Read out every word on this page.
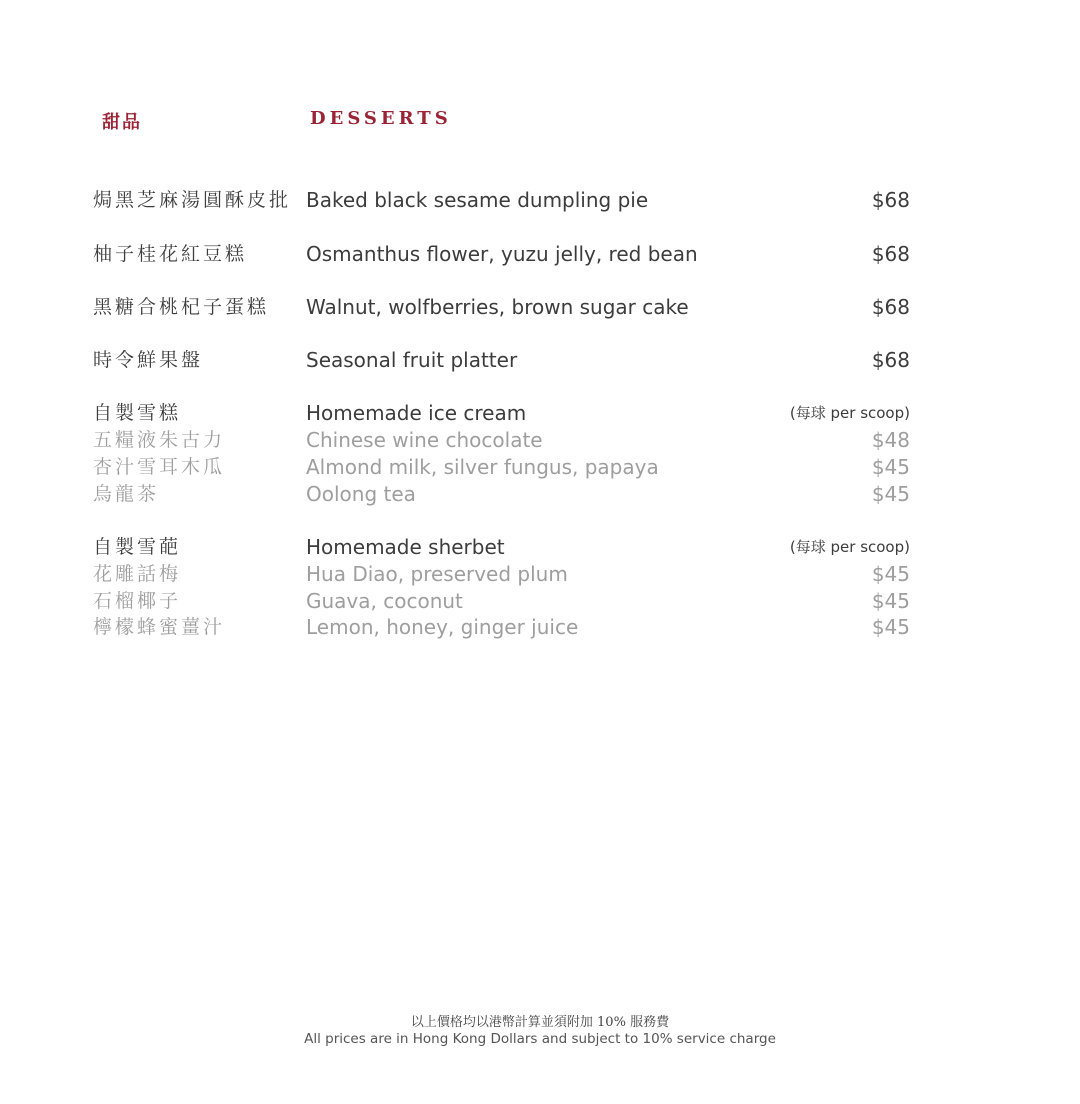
甜品	DESSERTS
焗黑芝麻湯圓酥皮批 Baked black sesame dumpling pie	$68
柚子桂花紅豆糕	Osmanthus flower, yuzu jelly, red bean	$68
黑糖合桃杞子蛋糕 Walnut, wolfberries, brown sugar cake	$68
時令鮮果盤	Seasonal fruit platter	$68
自製雪糕	Homemade ice cream	(每球 per scoop)
五糧液朱古力	Chinese wine chocolate	$48
杏汁雪耳木瓜	Almond milk, silver fungus, papaya	$45
烏龍茶	Oolong tea	$45
自製雪葩	Homemade sherbet	(每球 per scoop)
花雕話梅	Hua Diao, preserved plum	$45
石榴椰子	Guava, coconut	$45
檸檬蜂蜜薑汁	Lemon, honey, ginger juice	$45
以上價格均以港幣計算並須附加 10% 服務費
All prices are in Hong Kong Dollars and subject to 10% service charge
